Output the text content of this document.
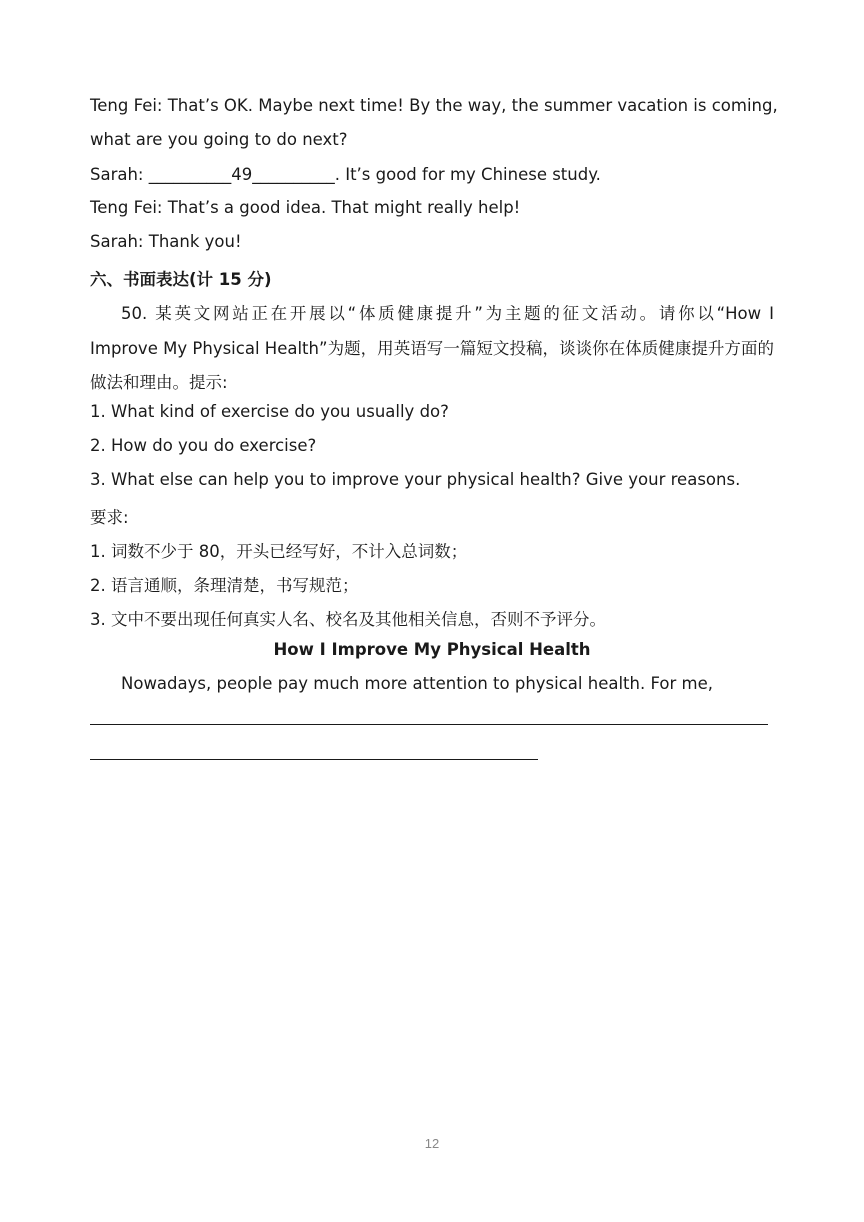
Teng Fei: That’s OK. Maybe next time! By the way, the summer vacation is coming,
what are you going to do next?
Sarah: __________49__________. It’s good for my Chinese study.
Teng Fei: That’s a good idea. That might really help!
Sarah: Thank you!
六、书面表达(计 15 分)
50. 某英文网站正在开展以“体质健康提升”为主题的征文活动。请你以“How I
Improve My Physical Health”为题，用英语写一篇短文投稿，谈谈你在体质健康提升方面的
做法和理由。提示:
1. What kind of exercise do you usually do?
2. How do you do exercise?
3. What else can help you to improve your physical health? Give your reasons.
要求:
1. 词数不少于 80，开头已经写好，不计入总词数；
2. 语言通顺，条理清楚，书写规范；
3. 文中不要出现任何真实人名、校名及其他相关信息，否则不予评分。
How I Improve My Physical Health
Nowadays, people pay much more attention to physical health. For me,
12
